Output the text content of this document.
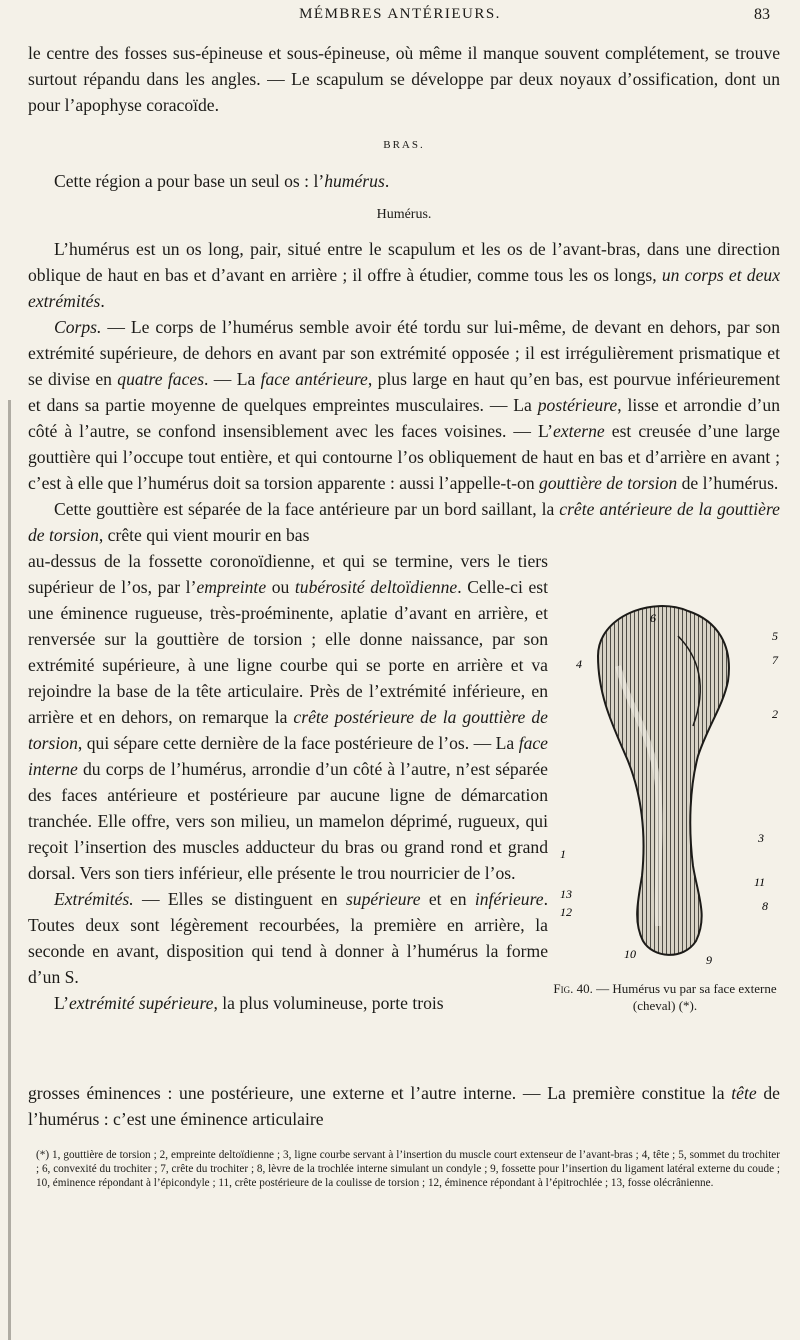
MÉMBRES ANTÉRIEURS.	83

le centre des fosses sus-épineuse et sous-épineuse, où même il manque souvent complétement, se trouve surtout répandu dans les angles. — Le scapulum se développe par deux noyaux d’ossification, dont un pour l’apophyse coracoïde.

BRAS.

Cette région a pour base un seul os : l’humérus.

Humérus.

L’humérus est un os long, pair, situé entre le scapulum et les os de l’avant-bras, dans une direction oblique de haut en bas et d’avant en arrière ; il offre à étudier, comme tous les os longs, un corps et deux extrémités.

Corps. — Le corps de l’humérus semble avoir été tordu sur lui-même, de devant en dehors, par son extrémité supérieure, de dehors en avant par son extrémité opposée ; il est irrégulièrement prismatique et se divise en quatre faces. — La face antérieure, plus large en haut qu’en bas, est pourvue inférieurement et dans sa partie moyenne de quelques empreintes musculaires. — La postérieure, lisse et arrondie d’un côté à l’autre, se confond insensiblement avec les faces voisines. — L’externe est creusée d’une large gouttière qui l’occupe tout entière, et qui contourne l’os obliquement de haut en bas et d’arrière en avant ; c’est à elle que l’humérus doit sa torsion apparente : aussi l’appelle-t-on gouttière de torsion de l’humérus.

Cette gouttière est séparée de la face antérieure par un bord saillant, la crête antérieure de la gouttière de torsion, crête qui vient mourir en bas

au-dessus de la fossette coronoïdienne, et qui se termine, vers le tiers supérieur de l’os, par l’empreinte ou tubérosité deltoïdienne. Celle-ci est une éminence rugueuse, très-proéminente, aplatie d’avant en arrière, et renversée sur la gouttière de torsion ; elle donne naissance, par son extrémité supérieure, à une ligne courbe qui se porte en arrière et va rejoindre la base de la tête articulaire. Près de l’extrémité inférieure, en arrière et en dehors, on remarque la crête postérieure de la gouttière de torsion, qui sépare cette dernière de la face postérieure de l’os. — La face interne du corps de l’humérus, arrondie d’un côté à l’autre, n’est séparée des faces antérieure et postérieure par aucune ligne de démarcation tranchée. Elle offre, vers son milieu, un mamelon déprimé, rugueux, qui reçoit l’insertion des muscles adducteur du bras ou grand rond et grand dorsal. Vers son tiers inférieur, elle présente le trou nourricier de l’os.

Extrémités. — Elles se distinguent en supérieure et en inférieure. Toutes deux sont légèrement recourbées, la première en arrière, la seconde en avant, disposition qui tend à donner à l’humérus la forme d’un S.

L’extrémité supérieure, la plus volumineuse, porte trois

6
5
4	7
2
1
3
11
8
13
12
10	9
Fig. 40. — Humérus vu par sa face externe (cheval) (*).

grosses éminences : une postérieure, une externe et l’autre interne. — La première constitue la tête de l’humérus : c’est une éminence articulaire

(*) 1, gouttière de torsion ; 2, empreinte deltoïdienne ; 3, ligne courbe servant à l’insertion du muscle court extenseur de l’avant-bras ; 4, tête ; 5, sommet du trochiter ; 6, convexité du trochiter ; 7, crête du trochiter ; 8, lèvre de la trochlée interne simulant un condyle ; 9, fossette pour l’insertion du ligament latéral externe du coude ; 10, éminence répondant à l’épicondyle ; 11, crête postérieure de la coulisse de torsion ; 12, éminence répondant à l’épitrochlée ; 13, fosse olécrânienne.
